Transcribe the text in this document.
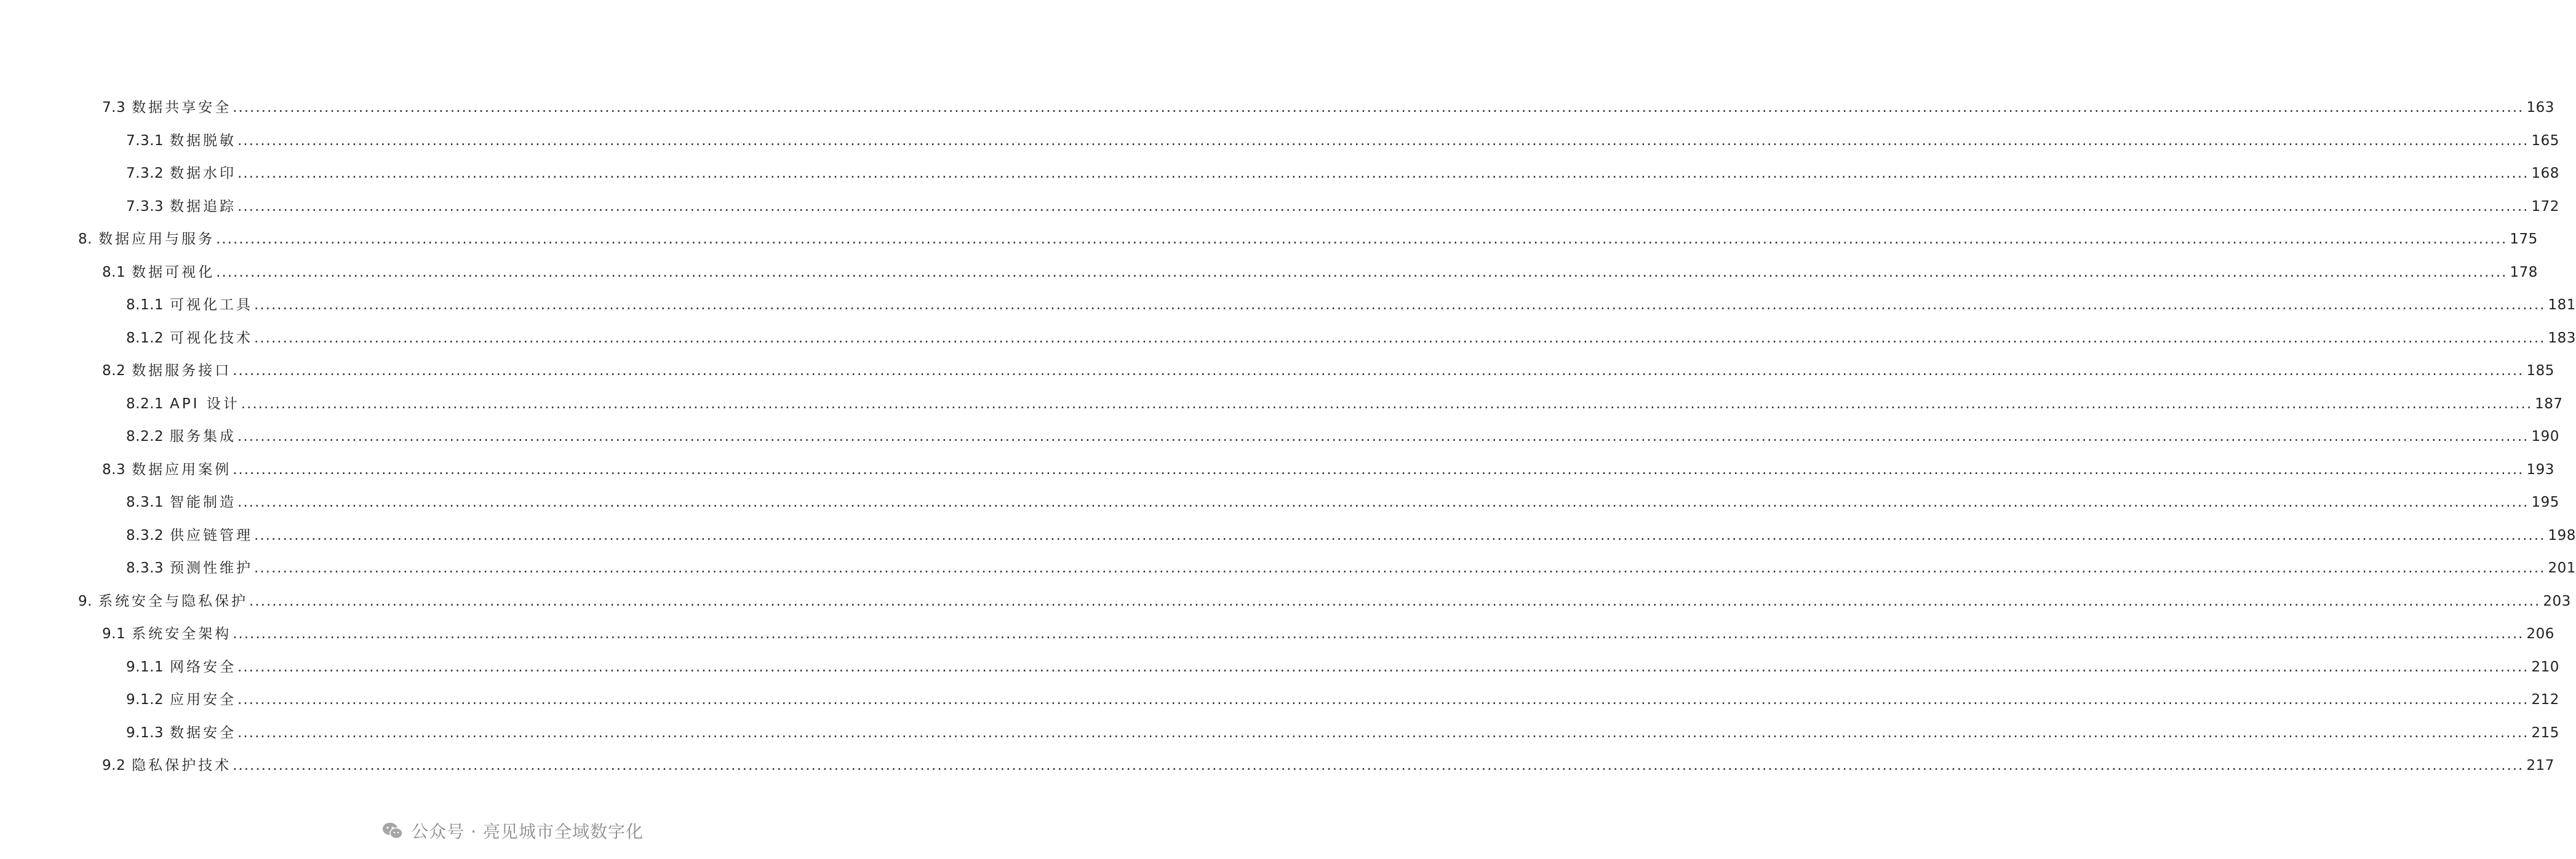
7.3 数据共享安全 ................................................................................................................................................................................................................................................................................................................................................................................................................ 163
7.3.1 数据脱敏 ................................................................................................................................................................................................................................................................................................................................................................................................................ 165
7.3.2 数据水印 ................................................................................................................................................................................................................................................................................................................................................................................................................ 168
7.3.3 数据追踪 ................................................................................................................................................................................................................................................................................................................................................................................................................ 172
8. 数据应用与服务 ................................................................................................................................................................................................................................................................................................................................................................................................................ 175
8.1 数据可视化 ................................................................................................................................................................................................................................................................................................................................................................................................................ 178
8.1.1 可视化工具 ................................................................................................................................................................................................................................................................................................................................................................................................................ 181
8.1.2 可视化技术 ................................................................................................................................................................................................................................................................................................................................................................................................................ 183
8.2 数据服务接口 ................................................................................................................................................................................................................................................................................................................................................................................................................ 185
8.2.1 API 设计 ................................................................................................................................................................................................................................................................................................................................................................................................................ 187
8.2.2 服务集成 ................................................................................................................................................................................................................................................................................................................................................................................................................ 190
8.3 数据应用案例 ................................................................................................................................................................................................................................................................................................................................................................................................................ 193
8.3.1 智能制造 ................................................................................................................................................................................................................................................................................................................................................................................................................ 195
8.3.2 供应链管理 ................................................................................................................................................................................................................................................................................................................................................................................................................ 198
8.3.3 预测性维护 ................................................................................................................................................................................................................................................................................................................................................................................................................ 201
9. 系统安全与隐私保护 ................................................................................................................................................................................................................................................................................................................................................................................................................ 203
9.1 系统安全架构 ................................................................................................................................................................................................................................................................................................................................................................................................................ 206
9.1.1 网络安全 ................................................................................................................................................................................................................................................................................................................................................................................................................ 210
9.1.2 应用安全 ................................................................................................................................................................................................................................................................................................................................................................................................................ 212
9.1.3 数据安全 ................................................................................................................................................................................................................................................................................................................................................................................................................ 215
9.2 隐私保护技术 ................................................................................................................................................................................................................................................................................................................................................................................................................ 217
公众号 · 亮见城市全域数字化
